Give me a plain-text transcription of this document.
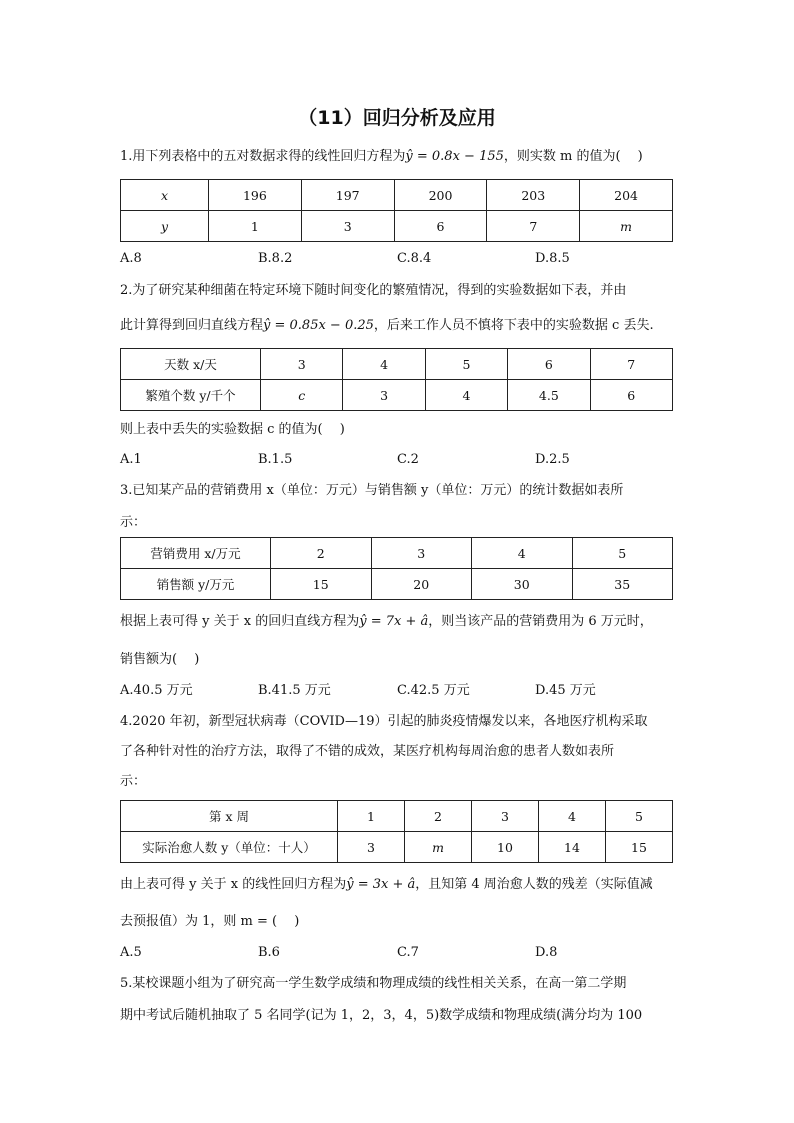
（11）回归分析及应用
1.用下列表格中的五对数据求得的线性回归方程为ŷ = 0.8x − 155，则实数 m 的值为(　 )
x	196	197	200	203	204
y	1	3	6	7	m
A.8	B.8.2	C.8.4	D.8.5
2.为了研究某种细菌在特定环境下随时间变化的繁殖情况，得到的实验数据如下表，并由
此计算得到回归直线方程ŷ = 0.85x − 0.25，后来工作人员不慎将下表中的实验数据 c 丢失.
天数 x/天	3	4	5	6	7
繁殖个数 y/千个	c	3	4	4.5	6
则上表中丢失的实验数据 c 的值为(　 )
A.1	B.1.5	C.2	D.2.5
3.已知某产品的营销费用 x（单位：万元）与销售额 y（单位：万元）的统计数据如表所
示：
营销费用 x/万元	2	3	4	5
销售额 y/万元	15	20	30	35
根据上表可得 y 关于 x 的回归直线方程为ŷ = 7x + â，则当该产品的营销费用为 6 万元时，
销售额为(　 )
A.40.5 万元	B.41.5 万元	C.42.5 万元	D.45 万元
4.2020 年初，新型冠状病毒（COVID—19）引起的肺炎疫情爆发以来，各地医疗机构采取
了各种针对性的治疗方法，取得了不错的成效，某医疗机构每周治愈的患者人数如表所
示：
第 x 周	1	2	3	4	5
实际治愈人数 y（单位：十人）	3	m	10	14	15
由上表可得 y 关于 x 的线性回归方程为ŷ = 3x + â，且知第 4 周治愈人数的残差（实际值减
去预报值）为 1，则 m = (　 )
A.5	B.6	C.7	D.8
5.某校课题小组为了研究高一学生数学成绩和物理成绩的线性相关关系，在高一第二学期
期中考试后随机抽取了 5 名同学(记为 1，2，3，4，5)数学成绩和物理成绩(满分均为 100
